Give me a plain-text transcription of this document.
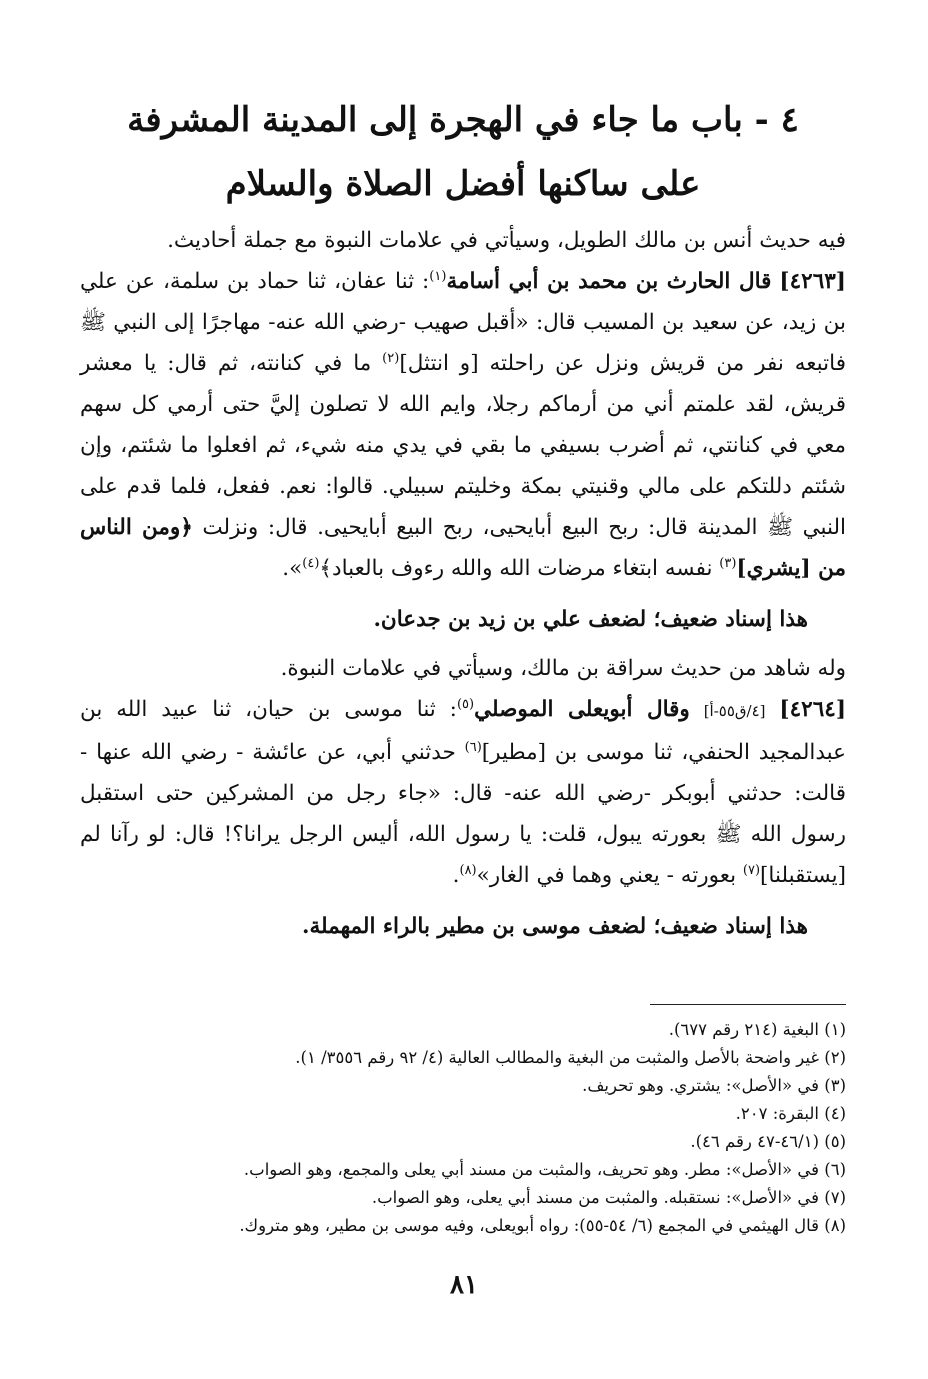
٤ - باب ما جاء في الهجرة إلى المدينة المشرفة
على ساكنها أفضل الصلاة والسلام

فيه حديث أنس بن مالك الطويل، وسيأتي في علامات النبوة مع جملة أحاديث.

[٤٢٦٣] قال الحارث بن محمد بن أبي أسامة$^{(١)}$: ثنا عفان، ثنا حماد بن سلمة، عن علي بن زيد، عن سعيد بن المسيب قال: «أقبل صهيب -رضي الله عنه- مهاجرًا إلى النبي ﷺ فاتبعه نفر من قريش ونزل عن راحلته [و انتثل]$^{(٢)}$ ما في كنانته، ثم قال: يا معشر قريش، لقد علمتم أني من أرماكم رجلا، وايم الله لا تصلون إليَّ حتى أرمي كل سهم معي في كنانتي، ثم أضرب بسيفي ما بقي في يدي منه شيء، ثم افعلوا ما شئتم، وإن شئتم دللتكم على مالي وقنيتي بمكة وخليتم سبيلي. قالوا: نعم. ففعل، فلما قدم على النبي ﷺ المدينة قال: ربح البيع أبايحيى، ربح البيع أبايحيى. قال: ونزلت ﴿ومن الناس من [يشري]$^{(٣)}$ نفسه ابتغاء مرضات الله والله رءوف بالعباد﴾$^{(٤)}$».

هذا إسناد ضعيف؛ لضعف علي بن زيد بن جدعان.

وله شاهد من حديث سراقة بن مالك، وسيأتي في علامات النبوة.

[٤٢٦٤] [٤/ق٥٥-أ] وقال أبويعلى الموصلي$^{(٥)}$: ثنا موسى بن حيان، ثنا عبيد الله بن عبدالمجيد الحنفي، ثنا موسى بن [مطير]$^{(٦)}$ حدثني أبي، عن عائشة - رضي الله عنها - قالت: حدثني أبوبكر -رضي الله عنه- قال: «جاء رجل من المشركين حتى استقبل رسول الله ﷺ بعورته يبول، قلت: يا رسول الله، أليس الرجل يرانا؟! قال: لو رآنا لم [يستقبلنا]$^{(٧)}$ بعورته - يعني وهما في الغار»$^{(٨)}$.

هذا إسناد ضعيف؛ لضعف موسى بن مطير بالراء المهملة.

(١) البغية (٢١٤ رقم ٦٧٧).
(٢) غير واضحة بالأصل والمثبت من البغية والمطالب العالية (٤/ ٩٢ رقم ٣٥٥٦/ ١).
(٣) في «الأصل»: يشتري. وهو تحريف.
(٤) البقرة: ٢٠٧.
(٥) (٤٦/١-٤٧ رقم ٤٦).
(٦) في «الأصل»: مطر. وهو تحريف، والمثبت من مسند أبي يعلى والمجمع، وهو الصواب.
(٧) في «الأصل»: نستقبله. والمثبت من مسند أبي يعلى، وهو الصواب.
(٨) قال الهيثمي في المجمع (٦/ ٥٤-٥٥): رواه أبويعلى، وفيه موسى بن مطير، وهو متروك.
٨١
